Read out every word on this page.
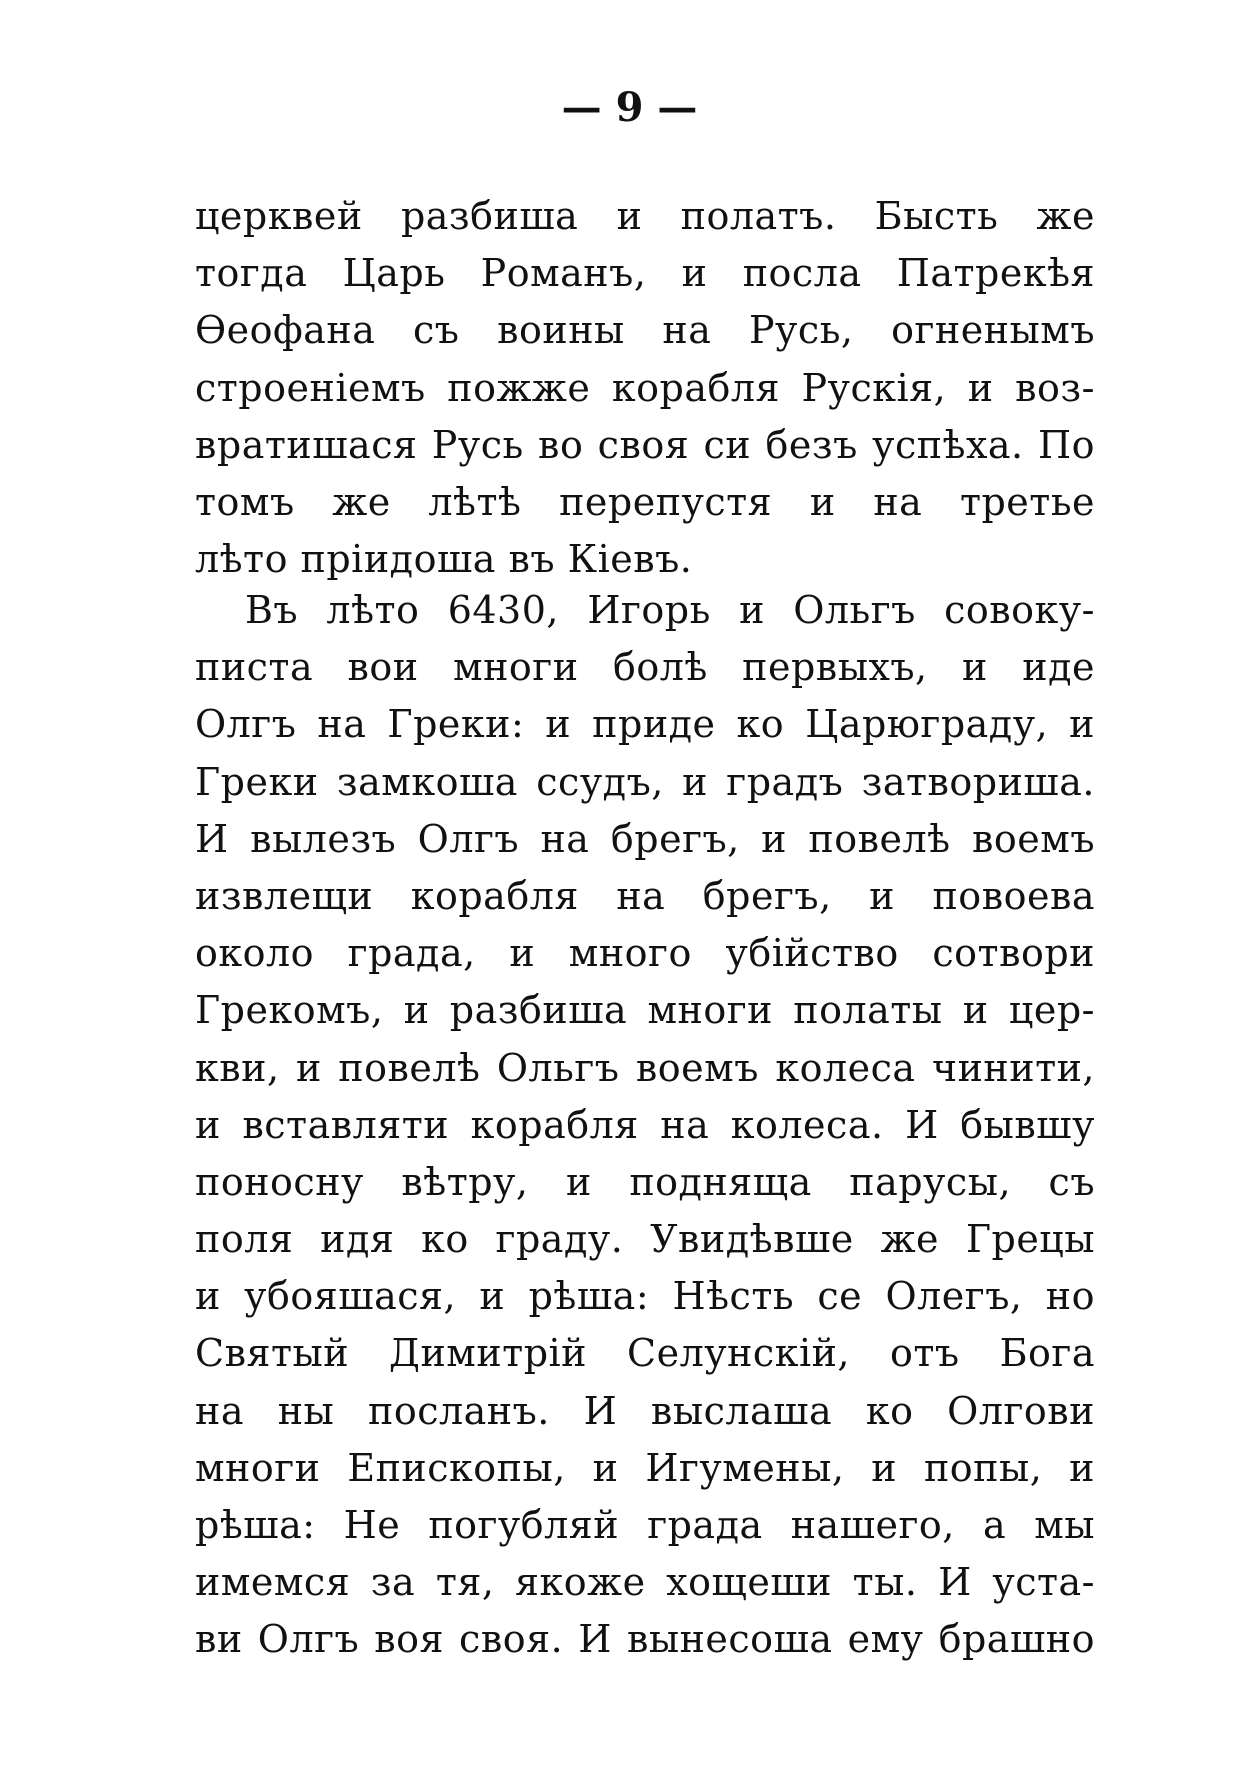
— 9 —

церквей разбиша и полатъ. Бысть же
тогда Царь Романъ, и посла Патрекѣя
Ѳеофана съ воины на Русь, огненымъ
строенiемъ пожже корабля Рускiя, и воз-
вратишася Русь во своя си безъ успѣха. По
томъ же лѣтѣ перепустя и на третье
лѣто прiидоша въ Кiевъ.
Въ лѣто 6430, Игорь и Ольгъ совоку-
писта вои многи болѣ первыхъ, и иде
Олгъ на Греки: и приде ко Царюграду, и
Греки замкоша ссудъ, и градъ затвориша.
И вылезъ Олгъ на брегъ, и повелѣ воемъ
извлещи корабля на брегъ, и повоева
около града, и много убiйство сотвори
Грекомъ, и разбиша многи полаты и цер-
кви, и повелѣ Ольгъ воемъ колеса чинити,
и вставляти корабля на колеса. И бывшу
поносну вѣтру, и подняща парусы, съ
поля идя ко граду. Увидѣвше же Грецы
и убояшася, и рѣша: Нѣсть се Олегъ, но
Святый Димитрiй Селунскiй, отъ Бога
на ны посланъ. И выслаша ко Олгови
многи Епископы, и Игумены, и попы, и
рѣша: Не погубляй града нашего, а мы
имемся за тя, якоже хощеши ты. И уста-
ви Олгъ воя своя. И вынесоша ему брашно
